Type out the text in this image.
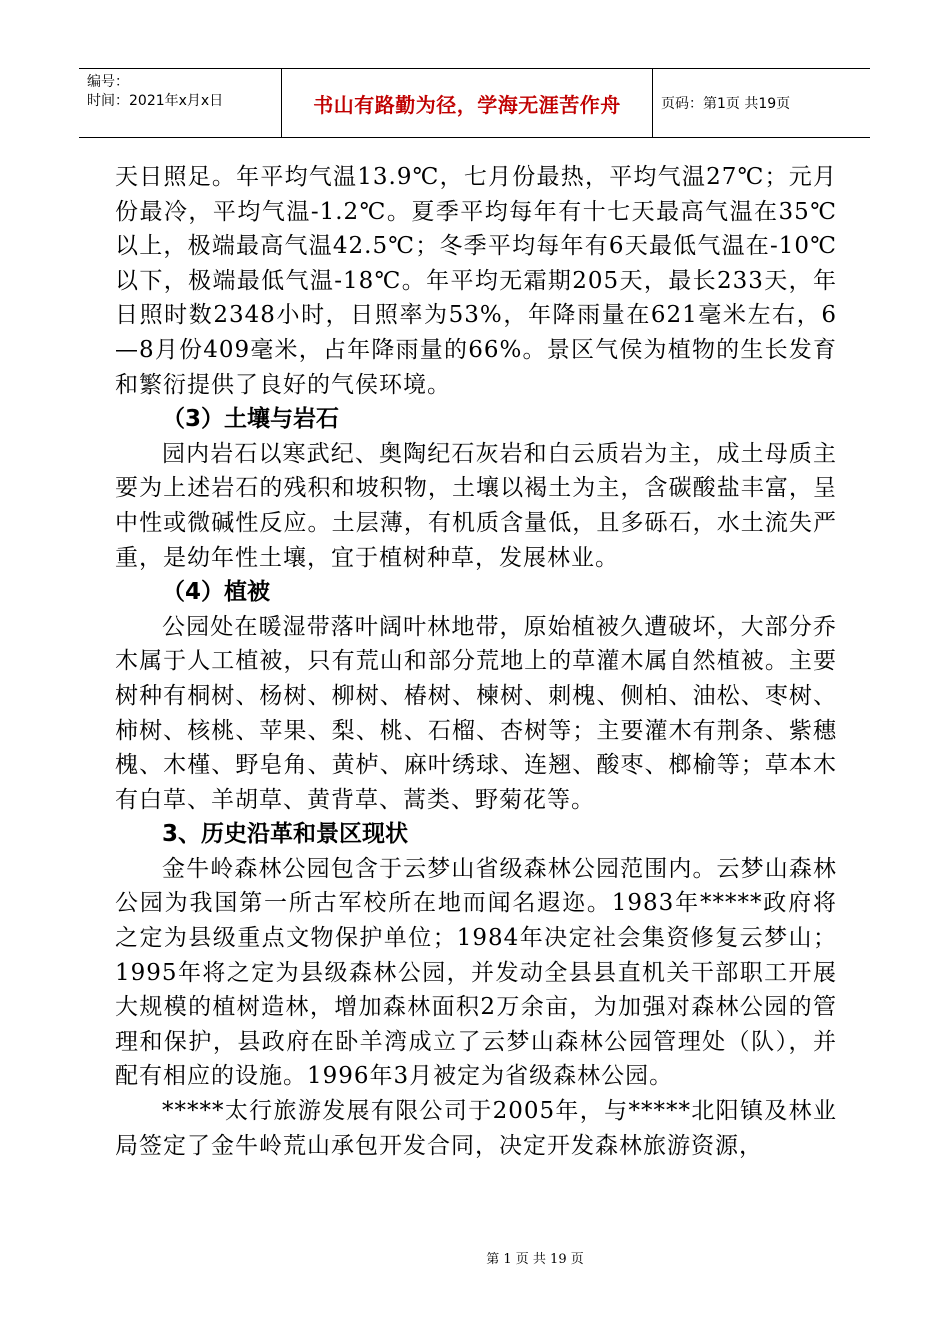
编号：
时间：2021年x月x日	书山有路勤为径，学海无涯苦作舟	页码：第1页 共19页

天日照足。年平均气温13.9℃，七月份最热，平均气温27℃；元月份最冷，平均气温-1.2℃。夏季平均每年有十七天最高气温在35℃以上，极端最高气温42.5℃；冬季平均每年有6天最低气温在-10℃以下，极端最低气温-18℃。年平均无霜期205天，最长233天，年日照时数2348小时，日照率为53%，年降雨量在621毫米左右，6—8月份409毫米，占年降雨量的66%。景区气侯为植物的生长发育和繁衍提供了良好的气侯环境。

（3）土壤与岩石

园内岩石以寒武纪、奥陶纪石灰岩和白云质岩为主，成土母质主要为上述岩石的残积和坡积物，土壤以褐土为主，含碳酸盐丰富，呈中性或微碱性反应。土层薄，有机质含量低，且多砾石，水土流失严重，是幼年性土壤，宜于植树种草，发展林业。

（4）植被

公园处在暖湿带落叶阔叶林地带，原始植被久遭破坏，大部分乔木属于人工植被，只有荒山和部分荒地上的草灌木属自然植被。主要树种有桐树、杨树、柳树、椿树、楝树、刺槐、侧柏、油松、枣树、柿树、核桃、苹果、梨、桃、石榴、杏树等；主要灌木有荆条、紫穗槐、木槿、野皂角、黄栌、麻叶绣球、连翘、酸枣、榔榆等；草本木有白草、羊胡草、黄背草、蒿类、野菊花等。

3、历史沿革和景区现状

金牛岭森林公园包含于云梦山省级森林公园范围内。云梦山森林公园为我国第一所古军校所在地而闻名遐迩。1983年*****政府将之定为县级重点文物保护单位；1984年决定社会集资修复云梦山；1995年将之定为县级森林公园，并发动全县县直机关干部职工开展大规模的植树造林，增加森林面积2万余亩，为加强对森林公园的管理和保护，县政府在卧羊湾成立了云梦山森林公园管理处（队），并配有相应的设施。1996年3月被定为省级森林公园。

*****太行旅游发展有限公司于2005年，与*****北阳镇及林业局签定了金牛岭荒山承包开发合同，决定开发森林旅游资源，

第 1 页 共 19 页
